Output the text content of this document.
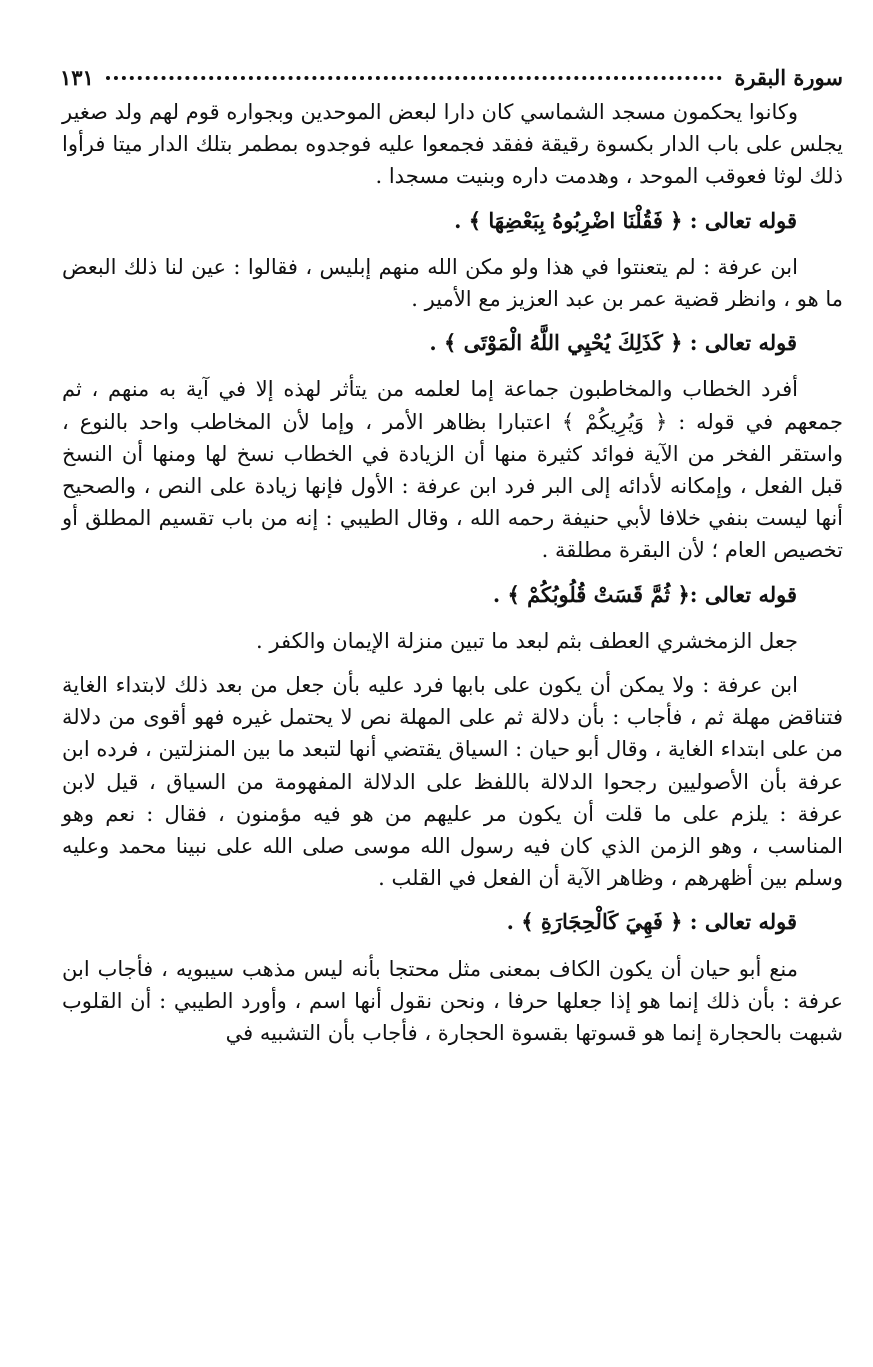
سورة البقرة
١٣١

وكانوا يحكمون مسجد الشماسي كان دارا لبعض الموحدين وبجواره قوم لهم ولد صغير يجلس على باب الدار بكسوة رقيقة ففقد فجمعوا عليه فوجدوه بمطمر بتلك الدار ميتا فرأوا ذلك لوثا فعوقب الموحد ، وهدمت داره وبنيت مسجدا .

قوله تعالى : ﴿ فَقُلْنَا اضْرِبُوهُ بِبَعْضِهَا ﴾ .

ابن عرفة : لم يتعنتوا في هذا ولو مكن الله منهم إبليس ، فقالوا : عين لنا ذلك البعض ما هو ، وانظر قضية عمر بن عبد العزيز مع الأمير .

قوله تعالى : ﴿ كَذَلِكَ يُحْيِي اللَّهُ الْمَوْتَى ﴾ .

أفرد الخطاب والمخاطبون جماعة إما لعلمه من يتأثر لهذه إلا في آية به منهم ، ثم جمعهم في قوله : ﴿ وَيُرِيكُمْ ﴾ اعتبارا بظاهر الأمر ، وإما لأن المخاطب واحد بالنوع ، واستقر الفخر من الآية فوائد كثيرة منها أن الزيادة في الخطاب نسخ لها ومنها أن النسخ قبل الفعل ، وإمكانه لأدائه إلى البر فرد ابن عرفة : الأول فإنها زيادة على النص ، والصحيح أنها ليست بنفي خلافا لأبي حنيفة رحمه الله ، وقال الطيبي : إنه من باب تقسيم المطلق أو تخصيص العام ؛ لأن البقرة مطلقة .

قوله تعالى :﴿ ثُمَّ قَسَتْ قُلُوبُكُمْ ﴾ .

جعل الزمخشري العطف بثم لبعد ما تبين منزلة الإيمان والكفر .

ابن عرفة : ولا يمكن أن يكون على بابها فرد عليه بأن جعل من بعد ذلك لابتداء الغاية فتناقض مهلة ثم ، فأجاب : بأن دلالة ثم على المهلة نص لا يحتمل غيره فهو أقوى من دلالة من على ابتداء الغاية ، وقال أبو حيان : السياق يقتضي أنها لتبعد ما بين المنزلتين ، فرده ابن عرفة بأن الأصوليين رجحوا الدلالة باللفظ على الدلالة المفهومة من السياق ، قيل لابن عرفة : يلزم على ما قلت أن يكون مر عليهم من هو فيه مؤمنون ، فقال : نعم وهو المناسب ، وهو الزمن الذي كان فيه رسول الله موسى صلى الله على نبينا محمد وعليه وسلم بين أظهرهم ، وظاهر الآية أن الفعل في القلب .

قوله تعالى : ﴿ فَهِيَ كَالْحِجَارَةِ ﴾ .

منع أبو حيان أن يكون الكاف بمعنى مثل محتجا بأنه ليس مذهب سيبويه ، فأجاب ابن عرفة : بأن ذلك إنما هو إذا جعلها حرفا ، ونحن نقول أنها اسم ، وأورد الطيبي : أن القلوب شبهت بالحجارة إنما هو قسوتها بقسوة الحجارة ، فأجاب بأن التشبيه في
